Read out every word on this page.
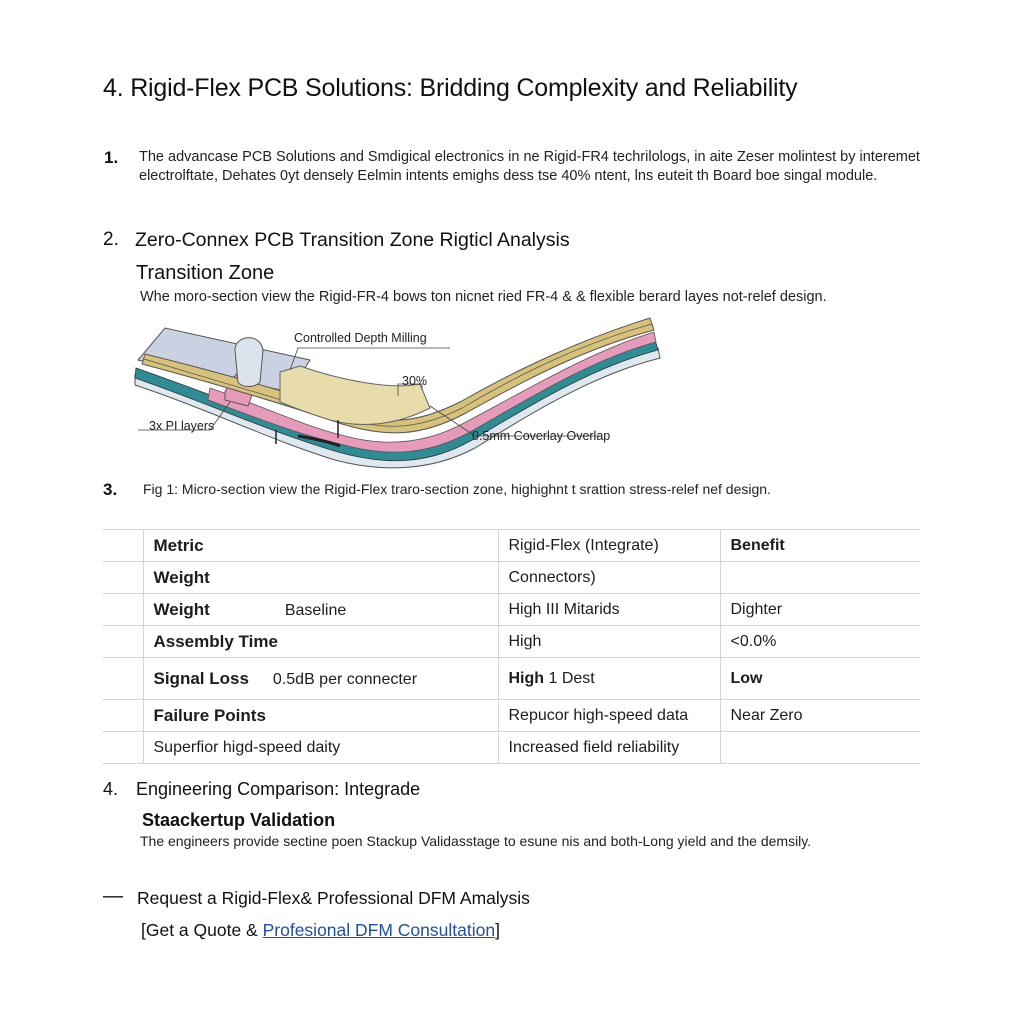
4. Rigid-Flex PCB Solutions: Bridding Complexity and Reliability
1. The advancase PCB Solutions and Smdigical electronics in ne Rigid-FR4 techrilologs, in aite Zeser molintest by interemet electrolftate, Dehates 0yt densely Eelmin intents emighs dess tse 40% ntent, lns euteit th Board boe singal module.
2. Zero-Connex PCB Transition Zone Rigticl Analysis
Transition Zone
Whe moro-section view the Rigid-FR-4 bows ton nicnet ried FR-4 & & flexible berard layes not-relef design.
Controlled Depth Milling
30%
3x PI layers
0.5mm Coverlay Overlap
3. Fig 1: Micro-section view the Rigid-Flex traro-section zone, highighnt t srattion stress-relef nef design.
	Metric	Rigid-Flex (Integrate)	Benefit
	Weight	Connectors)	
	Weight Baseline	High III Mitarids	Dighter
	Assembly Time	High	<0.0%
	Signal Loss 0.5dB per connecter	High 1 Dest	Low
	Failure Points	Repucor high-speed data	Near Zero
	Superfior higd-speed daity	Increased field reliability	
4. Engineering Comparison: Integrade
Staackertup Validation
The engineers provide sectine poen Stackup Validasstage to esune nis and both-Long yield and the demsily.
— Request a Rigid-Flex& Professional DFM Amalysis
[Get a Quote & Profesional DFM Consultation]
